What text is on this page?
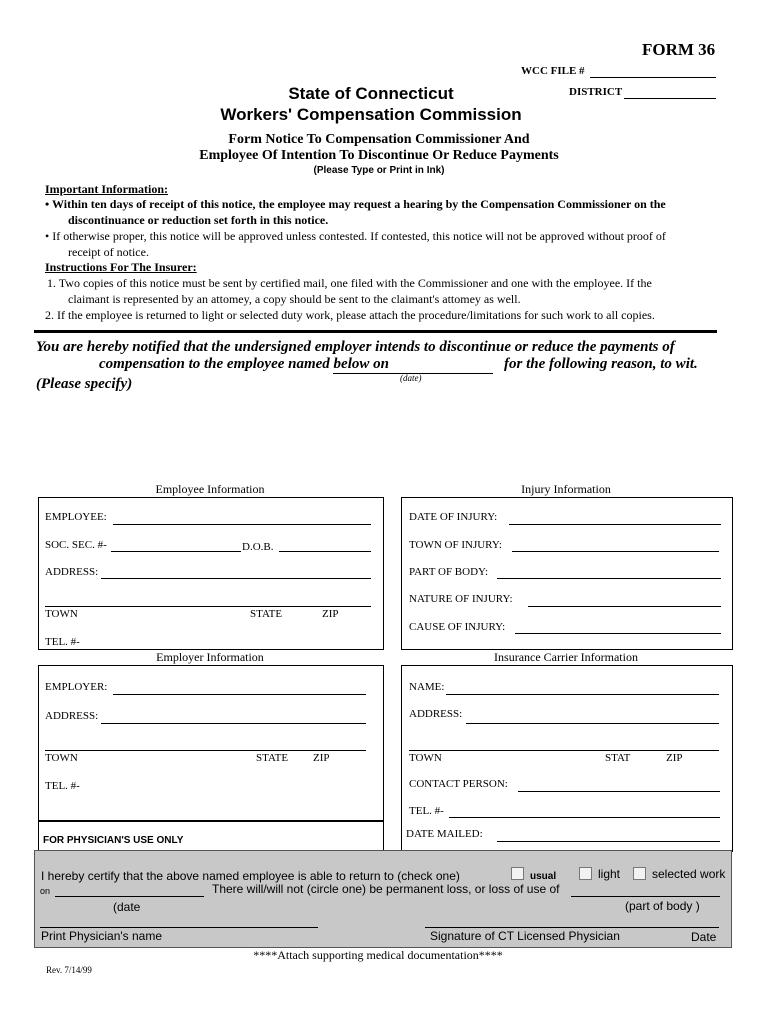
FORM 36
WCC FILE #
DISTRICT
State of Connecticut
Workers' Compensation Commission
Form Notice To Compensation Commissioner And
Employee Of Intention To Discontinue Or Reduce Payments
(Please Type or Print in Ink)
Important Information:
• Within ten days of receipt of this notice, the employee may request a hearing by the Compensation Commissioner on the
discontinuance or reduction set forth in this notice.
• If otherwise proper, this notice will be approved unless contested. If contested, this notice will not be approved without proof of
receipt of notice.
Instructions For The Insurer:
1. Two copies of this notice must be sent by certified mail, one filed with the Commissioner and one with the employee. If the
claimant is represented by an attomey, a copy should be sent to the claimant's attomey as well.
2. If the employee is returned to light or selected duty work, please attach the procedure/limitations for such work to all copies.
You are hereby notified that the undersigned employer intends to discontinue or reduce the payments of
compensation to the employee named below on
(date)
for the following reason, to wit.
(Please specify)
Employee Information
EMPLOYEE:
SOC. SEC. #-	D.O.B.
ADDRESS:
TOWN	STATE	ZIP
TEL. #-
Injury Information
DATE OF INJURY:
TOWN OF INJURY:
PART OF BODY:
NATURE OF INJURY:
CAUSE OF INJURY:
Employer Information
EMPLOYER:
ADDRESS:
TOWN	STATE ZIP
TEL. #-
Insurance Carrier Information
NAME:
ADDRESS:
TOWN	STAT	ZIP
CONTACT PERSON:
TEL. #-
DATE MAILED:
FOR PHYSICIAN'S USE ONLY
I hereby certify that the above named employee is able to return to (check one)	usual	light	selected work
on	There will/will not (circle one) be permanent loss, or loss of use of
(date	(part of body )
Print Physician's name	Signature of CT Licensed Physician	Date
****Attach supporting medical documentation****
Rev. 7/14/99
